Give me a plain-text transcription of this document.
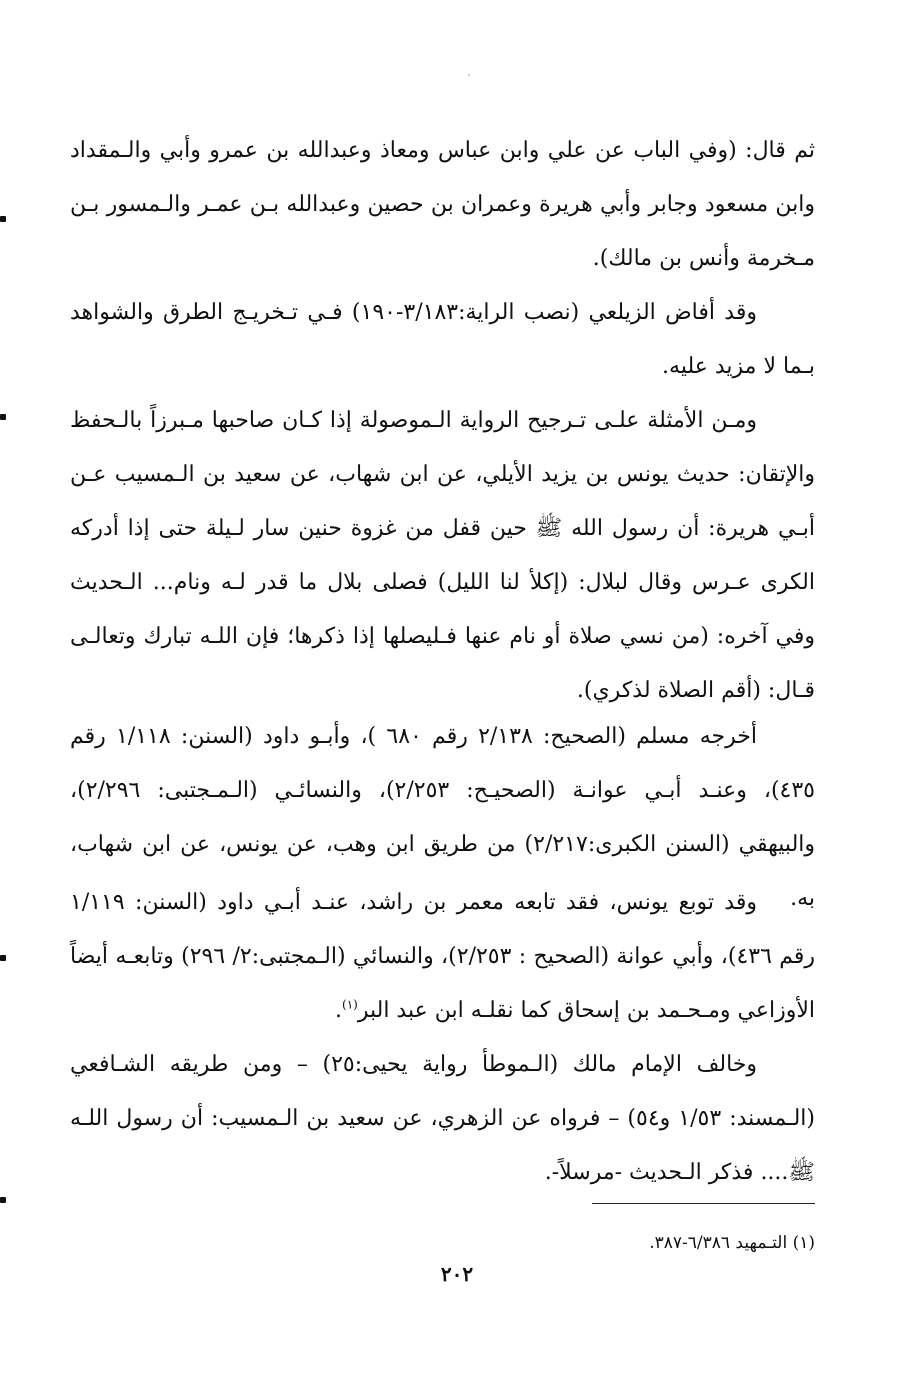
ثم قال: (وفي الباب عن علي وابن عباس ومعاذ وعبدالله بن عمرو وأبي والـمقداد وابن مسعود وجابر وأبي هريرة وعمران بن حصين وعبدالله بـن عمـر والـمسور بـن مـخرمة وأنس بن مالك).

وقد أفاض الزيلعي (نصب الراية:٣/١٨٣-١٩٠) فـي تـخريـج الطرق والشواهد بـما لا مزيد عليه.

ومـن الأمثلة علـى تـرجيح الرواية الـموصولة إذا كـان صاحبها مـبرزاً بالـحفظ والإتقان: حديث يونس بن يزيد الأيلي، عن ابن شهاب، عن سعيد بن الـمسيب عـن أبـي هريرة: أن رسول الله ﷺ حين قفل من غزوة حنين سار لـيلة حتى إذا أدركه الكرى عـرس وقال لبلال: (إكلأ لنا الليل) فصلى بلال ما قدر لـه ونام... الـحديث وفي آخره: (من نسي صلاة أو نام عنها فـليصلها إذا ذكرها؛ فإن اللـه تبارك وتعالـى قـال: (أقم الصلاة لذكري).

أخرجه مسلم (الصحيح: ٢/١٣٨ رقم ٦٨٠ )، وأبـو داود (السنن: ١/١١٨ رقم ٤٣٥)، وعنـد أبـي عوانـة (الصحيـح: ٢/٢٥٣)، والنسائـي (الـمـجتبى: ٢/٢٩٦)، والبيهقي (السنن الكبرى:٢/٢١٧) من طريق ابن وهب، عن يونس، عن ابن شهاب، به.

وقد توبع يونس، فقد تابعه معمر بن راشد، عنـد أبـي داود (السنن: ١/١١٩ رقم ٤٣٦)، وأبي عوانة (الصحيح : ٢/٢٥٣)، والنسائي (الـمجتبى:٢/ ٢٩٦) وتابعـه أيضاً الأوزاعي ومـحـمد بن إسحاق كما نقلـه ابن عبد البر$^{(١)}$.

وخالف الإمام مالك (الـموطأ رواية يحيى:٢٥) – ومن طريقه الشـافعي (الـمسند: ١/٥٣ و٥٤) – فرواه عن الزهري، عن سعيد بن الـمسيب: أن رسول اللـه ﷺ.... فذكر الـحديث -مرسلاً-.

(١) التـمهيد ٦/٣٨٦-٣٨٧.
٢٠٢
